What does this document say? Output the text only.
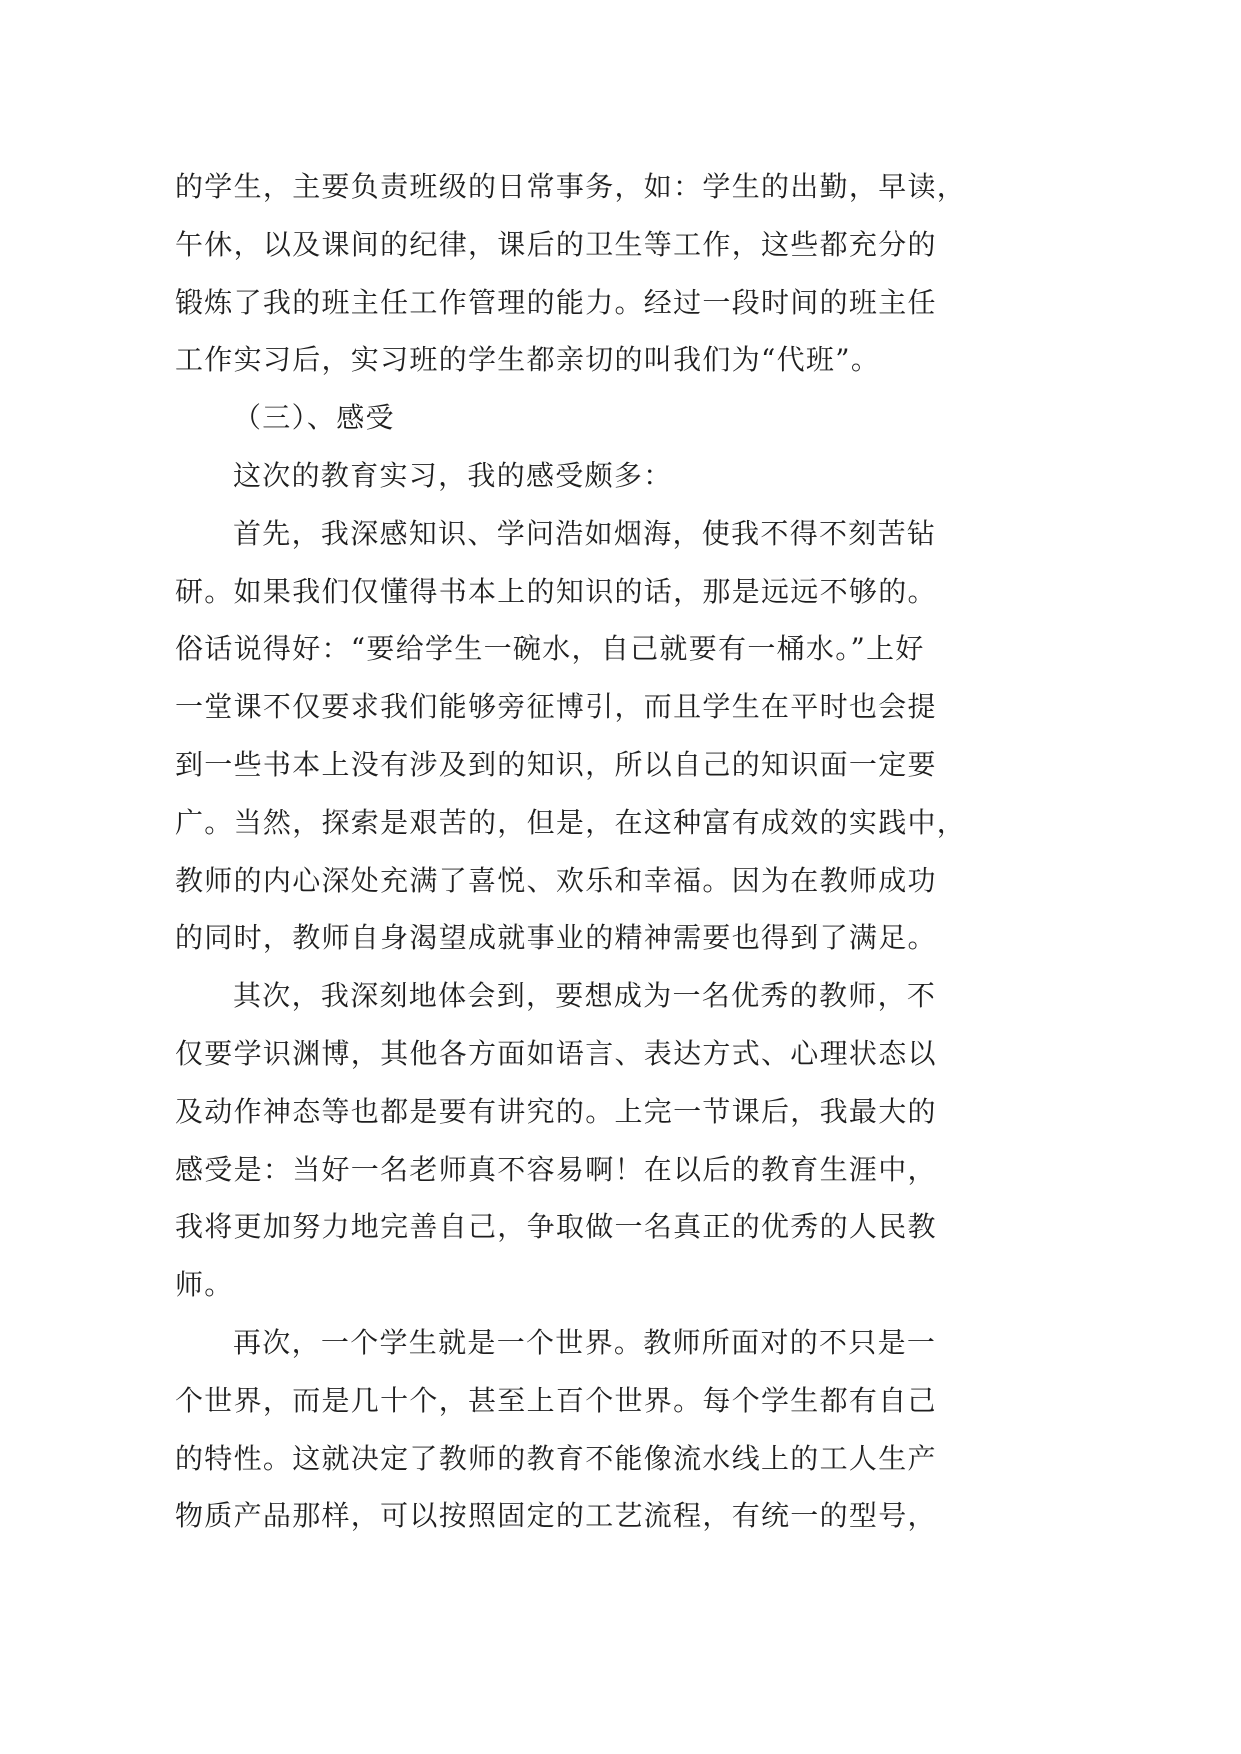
的学生，主要负责班级的日常事务，如：学生的出勤，早读，
午休，以及课间的纪律，课后的卫生等工作，这些都充分的
锻炼了我的班主任工作管理的能力。经过一段时间的班主任
工作实习后，实习班的学生都亲切的叫我们为“代班”。
（三）、感受
这次的教育实习，我的感受颇多：
首先，我深感知识、学问浩如烟海，使我不得不刻苦钻
研。如果我们仅懂得书本上的知识的话，那是远远不够的。
俗话说得好：“要给学生一碗水，自己就要有一桶水。”上好
一堂课不仅要求我们能够旁征博引，而且学生在平时也会提
到一些书本上没有涉及到的知识，所以自己的知识面一定要
广。当然，探索是艰苦的，但是，在这种富有成效的实践中，
教师的内心深处充满了喜悦、欢乐和幸福。因为在教师成功
的同时，教师自身渴望成就事业的精神需要也得到了满足。
其次，我深刻地体会到，要想成为一名优秀的教师，不
仅要学识渊博，其他各方面如语言、表达方式、心理状态以
及动作神态等也都是要有讲究的。上完一节课后，我最大的
感受是：当好一名老师真不容易啊！在以后的教育生涯中，
我将更加努力地完善自己，争取做一名真正的优秀的人民教
师。
再次，一个学生就是一个世界。教师所面对的不只是一
个世界，而是几十个，甚至上百个世界。每个学生都有自己
的特性。这就决定了教师的教育不能像流水线上的工人生产
物质产品那样，可以按照固定的工艺流程，有统一的型号，
